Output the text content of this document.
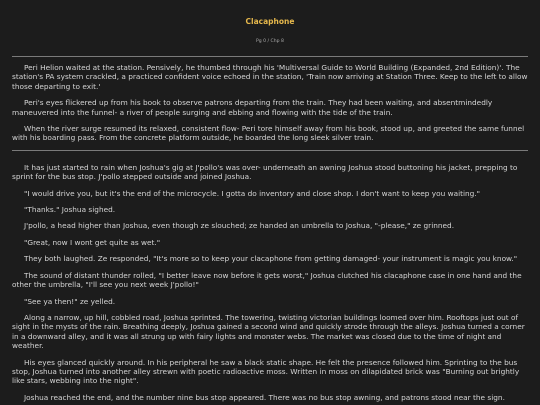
Clacaphone
Pg 0 / Chp 8

Peri Helion waited at the station. Pensively, he thumbed through his 'Multiversal Guide to World Building (Expanded, 2nd Edition)'. The station's PA system crackled, a practiced confident voice echoed in the station, 'Train now arriving at Station Three. Keep to the left to allow those departing to exit.'

Peri's eyes flickered up from his book to observe patrons departing from the train. They had been waiting, and absentmindedly maneuvered into the funnel- a river of people surging and ebbing and flowing with the tide of the train.

When the river surge resumed its relaxed, consistent flow- Peri tore himself away from his book, stood up, and greeted the same funnel with his boarding pass. From the concrete platform outside, he boarded the long sleek silver train.

It has just started to rain when Joshua's gig at J'pollo's was over- underneath an awning Joshua stood buttoning his jacket, prepping to sprint for the bus stop. J'pollo stepped outside and joined Joshua.

"I would drive you, but it's the end of the microcycle. I gotta do inventory and close shop. I don't want to keep you waiting."

"Thanks." Joshua sighed.

J'pollo, a head higher than Joshua, even though ze slouched; ze handed an umbrella to Joshua, "-please," ze grinned.

"Great, now I wont get quite as wet."

They both laughed. Ze responded, "It's more so to keep your clacaphone from getting damaged- your instrument is magic you know."

The sound of distant thunder rolled, "I better leave now before it gets worst," Joshua clutched his clacaphone case in one hand and the other the umbrella, "I'll see you next week J'pollo!"

"See ya then!" ze yelled.

Along a narrow, up hill, cobbled road, Joshua sprinted. The towering, twisting victorian buildings loomed over him. Rooftops just out of sight in the mysts of the rain. Breathing deeply, Joshua gained a second wind and quickly strode through the alleys. Joshua turned a corner in a downward alley, and it was all strung up with fairy lights and monster webs. The market was closed due to the time of night and weather.

His eyes glanced quickly around. In his peripheral he saw a black static shape. He felt the presence followed him. Sprinting to the bus stop, Joshua turned into another alley strewn with poetic radioactive moss. Written in moss on dilapidated brick was "Burning out brightly like stars, webbing into the night".

Joshua reached the end, and the number nine bus stop appeared. There was no bus stop awning, and patrons stood near the sign.
